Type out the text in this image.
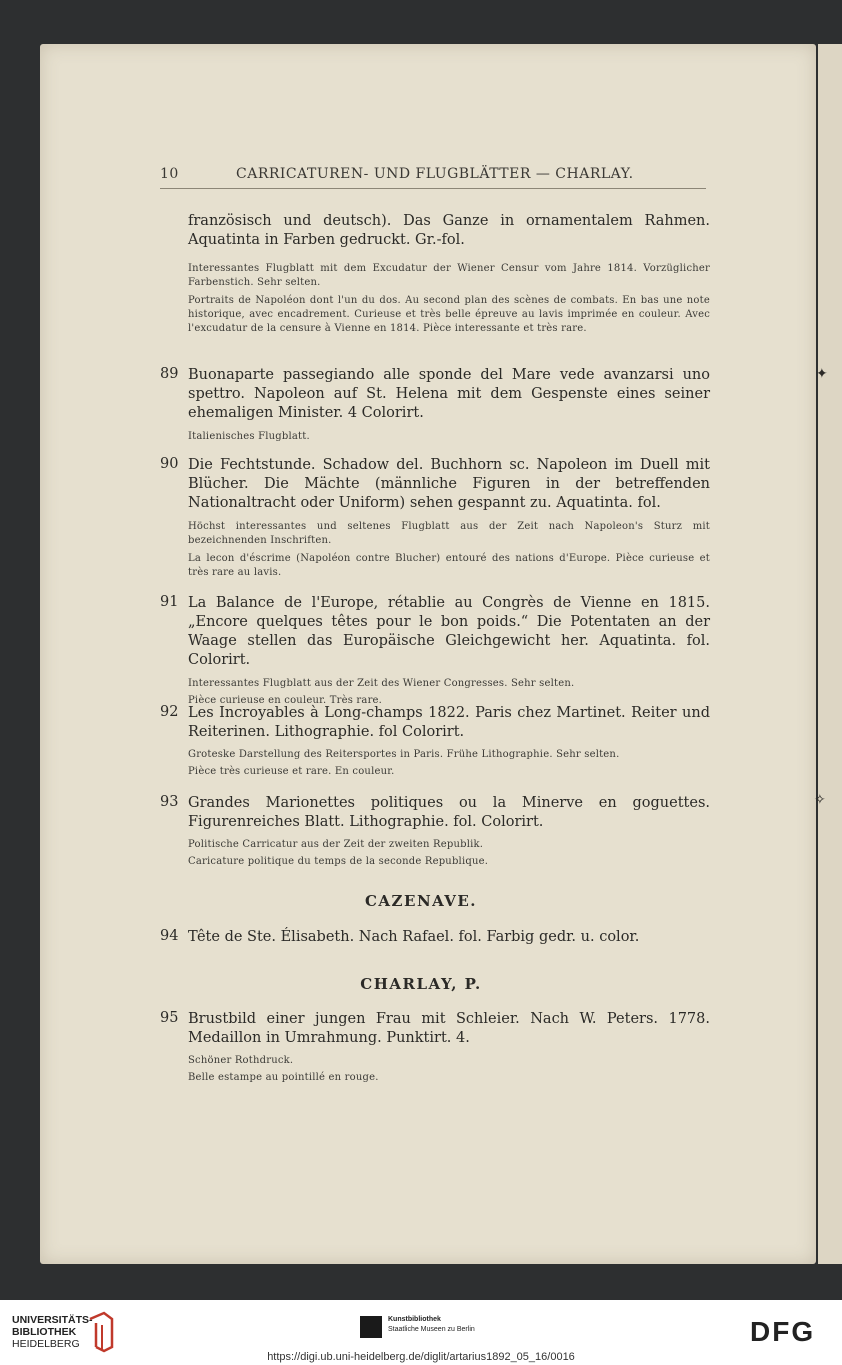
10	CARRICATUREN- UND FLUGBLÄTTER — CHARLAY.
französisch und deutsch). Das Ganze in ornamentalem Rahmen. Aquatinta in Farben gedruckt. Gr.-fol.
Interessantes Flugblatt mit dem Excudatur der Wiener Censur vom Jahre 1814. Vorzüglicher Farbenstich. Sehr selten.
Portraits de Napoléon dont l'un du dos. Au second plan des scènes de combats. En bas une note historique, avec encadrement. Curieuse et très belle épreuve au lavis imprimée en couleur. Avec l'excudatur de la censure à Vienne en 1814. Pièce interessante et très rare.
89 Buonaparte passegiando alle sponde del Mare vede avanzarsi uno spettro. Napoleon auf St. Helena mit dem Gespenste eines seiner ehemaligen Minister. 4 Colorirt.
Italienisches Flugblatt.
✦
90 Die Fechtstunde. Schadow del. Buchhorn sc. Napoleon im Duell mit Blücher. Die Mächte (männliche Figuren in der betreffenden Nationaltracht oder Uniform) sehen gespannt zu. Aquatinta. fol.
Höchst interessantes und seltenes Flugblatt aus der Zeit nach Napoleon's Sturz mit bezeichnenden Inschriften.
La lecon d'éscrime (Napoléon contre Blucher) entouré des nations d'Europe. Pièce curieuse et très rare au lavis.
91 La Balance de l'Europe, rétablie au Congrès de Vienne en 1815. „Encore quelques têtes pour le bon poids.“ Die Potentaten an der Waage stellen das Europäische Gleichgewicht her. Aquatinta. fol. Colorirt.
Interessantes Flugblatt aus der Zeit des Wiener Congresses. Sehr selten.
Pièce curieuse en couleur. Très rare.
92 Les Incroyables à Long-champs 1822. Paris chez Martinet. Reiter und Reiterinen. Lithographie. fol Colorirt.
Groteske Darstellung des Reitersportes in Paris. Frühe Lithographie. Sehr selten.
Pièce très curieuse et rare. En couleur.
93 Grandes Marionettes politiques ou la Minerve en goguettes. Figurenreiches Blatt. Lithographie. fol. Colorirt.
Politische Carricatur aus der Zeit der zweiten Republik.
Caricature politique du temps de la seconde Republique.
✧
CAZENAVE.
94 Tête de Ste. Élisabeth. Nach Rafael. fol. Farbig gedr. u. color.
CHARLAY, P.
95 Brustbild einer jungen Frau mit Schleier. Nach W. Peters. 1778. Medaillon in Umrahmung. Punktirt. 4.
Schöner Rothdruck.
Belle estampe au pointillé en rouge.
UNIVERSITÄTS-
BIBLIOTHEK
HEIDELBERG
Kunstbibliothek
Staatliche Museen zu Berlin	DFG
https://digi.ub.uni-heidelberg.de/diglit/artarius1892_05_16/0016
